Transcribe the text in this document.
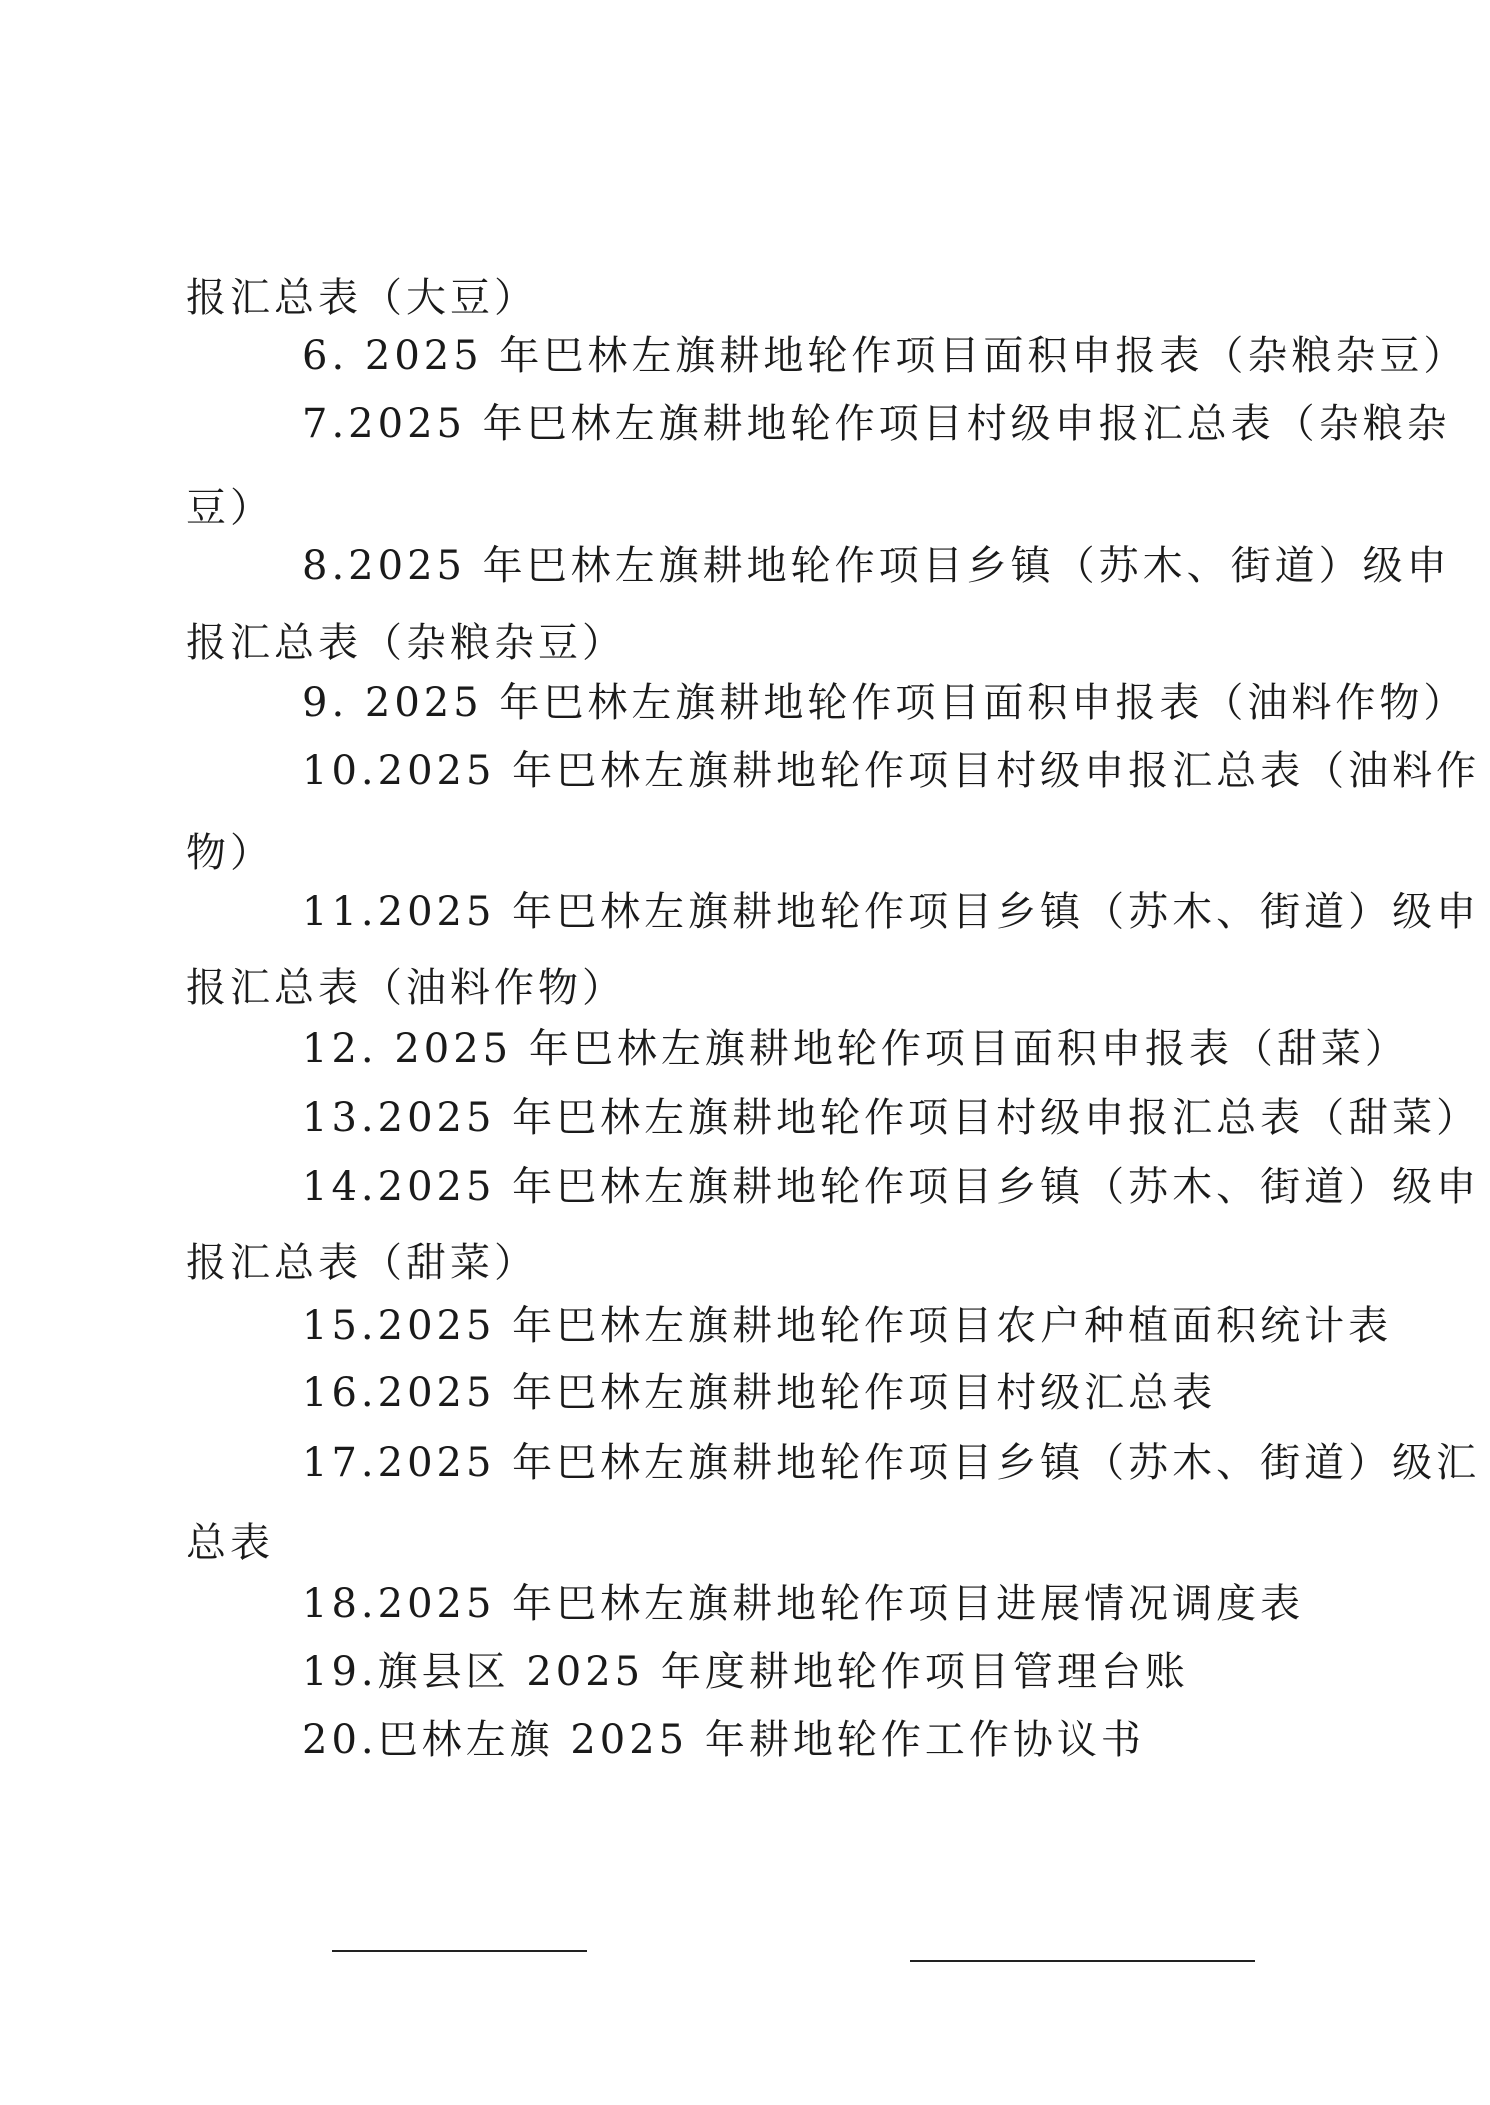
报汇总表（大豆）
6. 2025 年巴林左旗耕地轮作项目面积申报表（杂粮杂豆）
7.2025 年巴林左旗耕地轮作项目村级申报汇总表（杂粮杂
豆）
8.2025 年巴林左旗耕地轮作项目乡镇（苏木、街道）级申
报汇总表（杂粮杂豆）
9. 2025 年巴林左旗耕地轮作项目面积申报表（油料作物）
10.2025 年巴林左旗耕地轮作项目村级申报汇总表（油料作
物）
11.2025 年巴林左旗耕地轮作项目乡镇（苏木、街道）级申
报汇总表（油料作物）
12. 2025 年巴林左旗耕地轮作项目面积申报表（甜菜）
13.2025 年巴林左旗耕地轮作项目村级申报汇总表（甜菜）
14.2025 年巴林左旗耕地轮作项目乡镇（苏木、街道）级申
报汇总表（甜菜）
15.2025 年巴林左旗耕地轮作项目农户种植面积统计表
16.2025 年巴林左旗耕地轮作项目村级汇总表
17.2025 年巴林左旗耕地轮作项目乡镇（苏木、街道）级汇
总表
18.2025 年巴林左旗耕地轮作项目进展情况调度表
19.旗县区 2025 年度耕地轮作项目管理台账
20.巴林左旗 2025 年耕地轮作工作协议书
